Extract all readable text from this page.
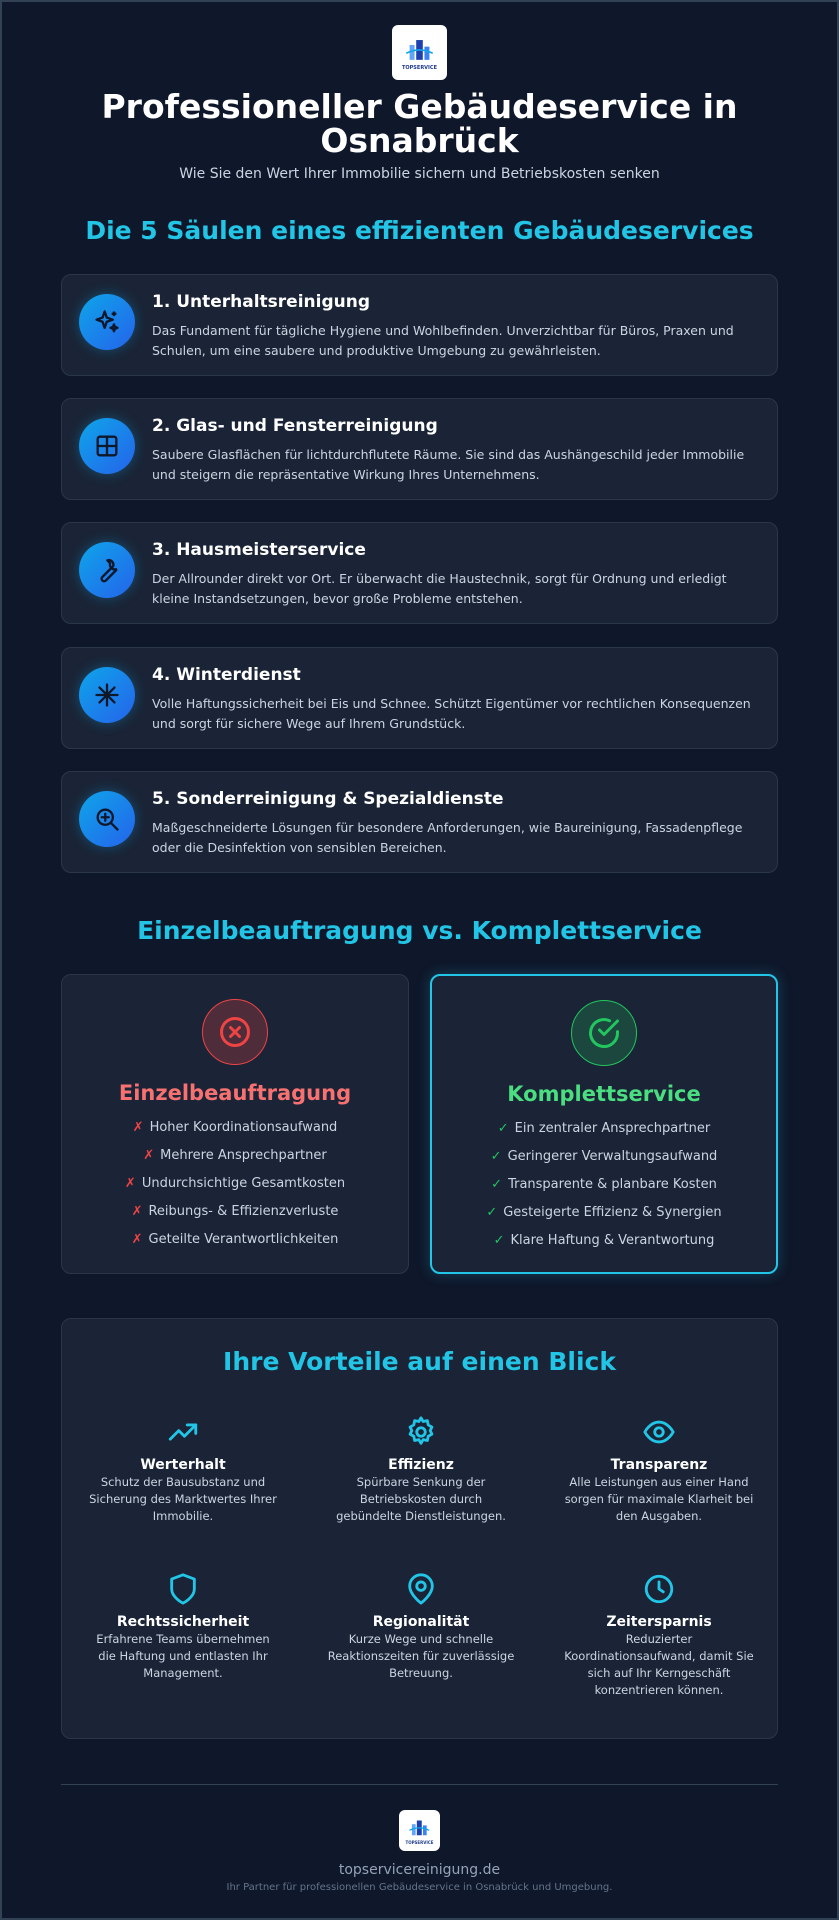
TOPSERVICE
Professioneller Gebäudeservice in Osnabrück
Wie Sie den Wert Ihrer Immobilie sichern und Betriebskosten senken
Die 5 Säulen eines effizienten Gebäudeservices
1. Unterhaltsreinigung
Das Fundament für tägliche Hygiene und Wohlbefinden. Unverzichtbar für Büros, Praxen und Schulen, um eine saubere und produktive Umgebung zu gewährleisten.
2. Glas- und Fensterreinigung
Saubere Glasflächen für lichtdurchflutete Räume. Sie sind das Aushängeschild jeder Immobilie und steigern die repräsentative Wirkung Ihres Unternehmens.
3. Hausmeisterservice
Der Allrounder direkt vor Ort. Er überwacht die Haustechnik, sorgt für Ordnung und erledigt kleine Instandsetzungen, bevor große Probleme entstehen.
4. Winterdienst
Volle Haftungssicherheit bei Eis und Schnee. Schützt Eigentümer vor rechtlichen Konsequenzen und sorgt für sichere Wege auf Ihrem Grundstück.
5. Sonderreinigung & Spezialdienste
Maßgeschneiderte Lösungen für besondere Anforderungen, wie Baureinigung, Fassadenpflege oder die Desinfektion von sensiblen Bereichen.
Einzelbeauftragung vs. Komplettservice
Einzelbeauftragung
✗ Hoher Koordinationsaufwand
✗ Mehrere Ansprechpartner
✗ Undurchsichtige Gesamtkosten
✗ Reibungs- & Effizienzverluste
✗ Geteilte Verantwortlichkeiten
Komplettservice
✓ Ein zentraler Ansprechpartner
✓ Geringerer Verwaltungsaufwand
✓ Transparente & planbare Kosten
✓ Gesteigerte Effizienz & Synergien
✓ Klare Haftung & Verantwortung
Ihre Vorteile auf einen Blick
Werterhalt
Schutz der Bausubstanz und Sicherung des Marktwertes Ihrer Immobilie.
Effizienz
Spürbare Senkung der Betriebskosten durch gebündelte Dienstleistungen.
Transparenz
Alle Leistungen aus einer Hand sorgen für maximale Klarheit bei den Ausgaben.
Rechtssicherheit
Erfahrene Teams übernehmen die Haftung und entlasten Ihr Management.
Regionalität
Kurze Wege und schnelle Reaktionszeiten für zuverlässige Betreuung.
Zeitersparnis
Reduzierter Koordinationsaufwand, damit Sie sich auf Ihr Kerngeschäft konzentrieren können.
TOPSERVICE
topservicereinigung.de
Ihr Partner für professionellen Gebäudeservice in Osnabrück und Umgebung.
